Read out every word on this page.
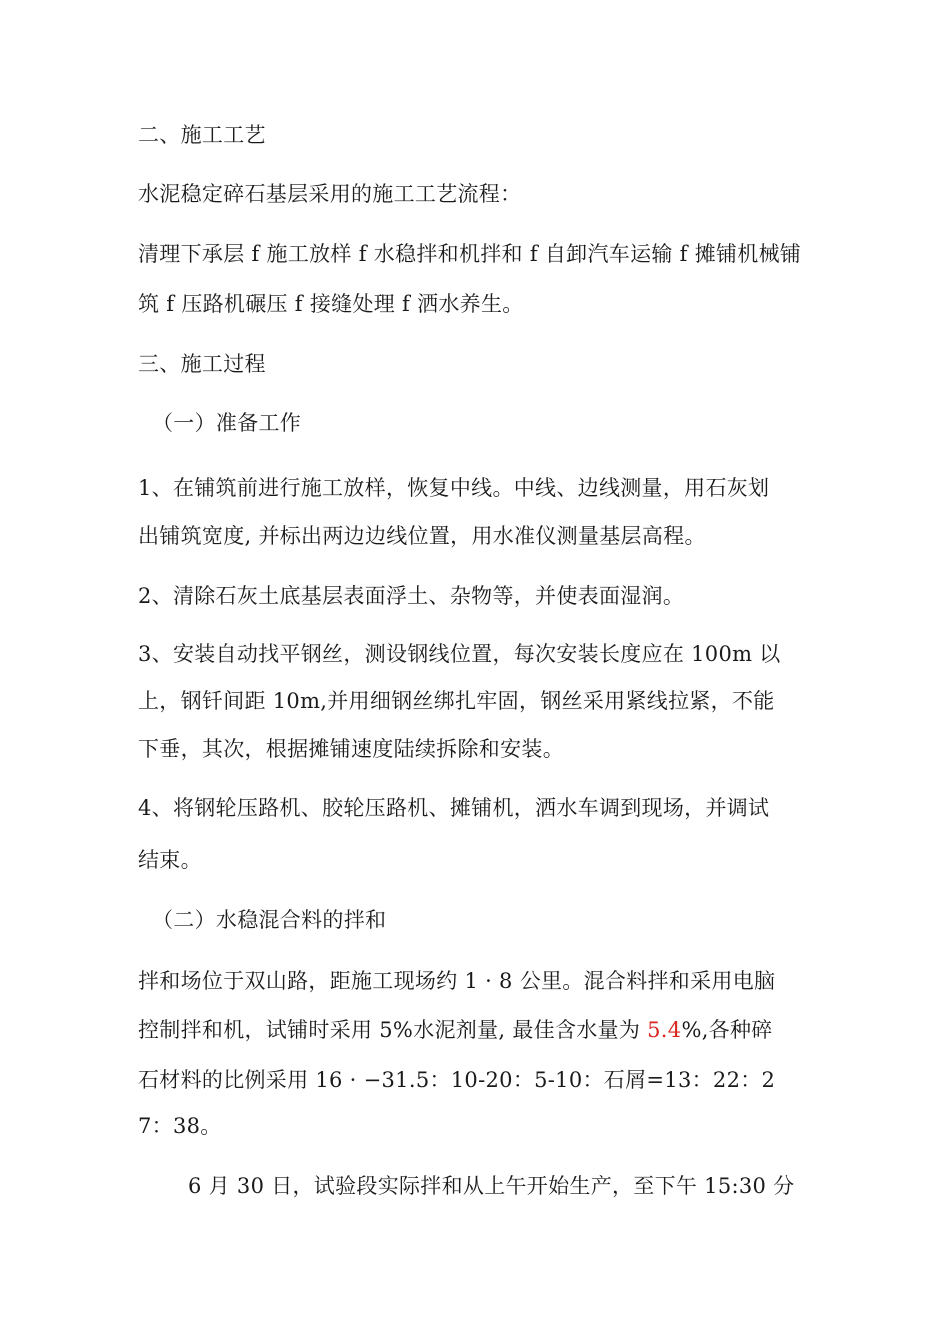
二、施工工艺
水泥稳定碎石基层采用的施工工艺流程：
清理下承层 f 施工放样 f 水稳拌和机拌和 f 自卸汽车运输 f 摊铺机械铺
筑 f 压路机碾压 f 接缝处理 f 洒水养生。
三、施工过程
（一）准备工作
1、在铺筑前进行施工放样，恢复中线。中线、边线测量，用石灰划
出铺筑宽度, 并标出两边边线位置，用水准仪测量基层高程。
2、清除石灰土底基层表面浮土、杂物等，并使表面湿润。
3、安装自动找平钢丝，测设钢线位置，每次安装长度应在 100m 以
上，钢钎间距 10m,并用细钢丝绑扎牢固，钢丝采用紧线拉紧，不能
下垂，其次，根据摊铺速度陆续拆除和安装。
4、将钢轮压路机、胶轮压路机、摊铺机，洒水车调到现场，并调试
结束。
（二）水稳混合料的拌和
拌和场位于双山路，距施工现场约 1 · 8 公里。混合料拌和采用电脑
控制拌和机，试铺时采用 5%水泥剂量, 最佳含水量为 5.4%,各种碎
石材料的比例采用 16 · −31.5：10-20：5-10：石屑=13：22：2
7：38。
6 月 30 日，试验段实际拌和从上午开始生产，至下午 15:30 分
